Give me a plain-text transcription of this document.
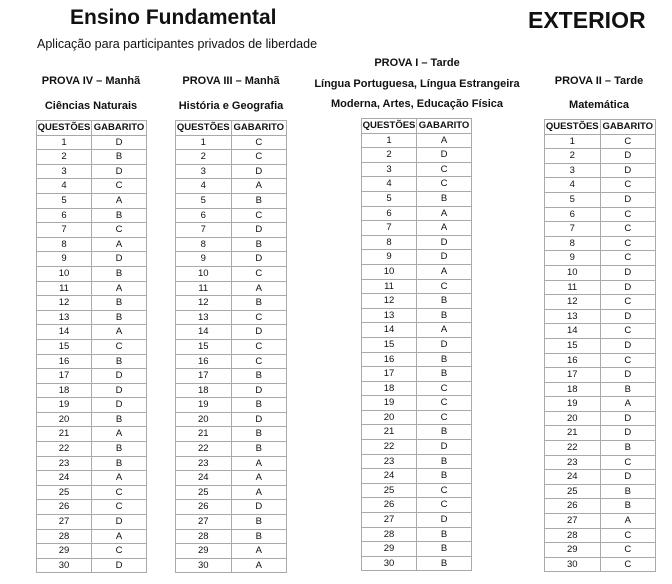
Ensino Fundamental
Aplicação para participantes privados de liberdade
EXTERIOR
PROVA IV – Manhã
Ciências Naturais
QUESTÕES	GABARITO
1	D
2	B
3	D
4	C
5	A
6	B
7	C
8	A
9	D
10	B
11	A
12	B
13	B
14	A
15	C
16	B
17	D
18	D
19	D
20	B
21	A
22	B
23	B
24	A
25	C
26	C
27	D
28	A
29	C
30	D
PROVA III – Manhã
História e Geografia
QUESTÕES	GABARITO
1	C
2	C
3	D
4	A
5	B
6	C
7	D
8	B
9	D
10	C
11	A
12	B
13	C
14	D
15	C
16	C
17	B
18	D
19	B
20	D
21	B
22	B
23	A
24	A
25	A
26	D
27	B
28	B
29	A
30	A
PROVA I – Tarde
Língua Portuguesa, Língua Estrangeira
Moderna, Artes, Educação Física
QUESTÕES	GABARITO
1	A
2	D
3	C
4	C
5	B
6	A
7	A
8	D
9	D
10	A
11	C
12	B
13	B
14	A
15	D
16	B
17	B
18	C
19	C
20	C
21	B
22	D
23	B
24	B
25	C
26	C
27	D
28	B
29	B
30	B
PROVA II – Tarde
Matemática
QUESTÕES	GABARITO
1	C
2	D
3	D
4	C
5	D
6	C
7	C
8	C
9	C
10	D
11	D
12	C
13	D
14	C
15	D
16	C
17	D
18	B
19	A
20	D
21	D
22	B
23	C
24	D
25	B
26	B
27	A
28	C
29	C
30	C
